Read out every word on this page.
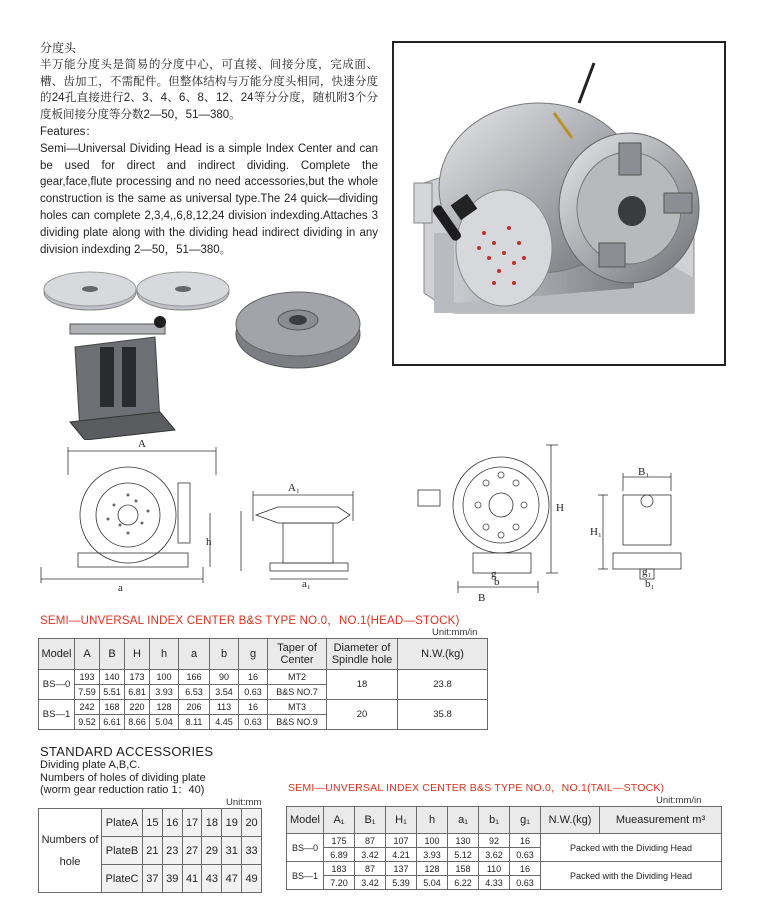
分度头

半万能分度头是简易的分度中心，可直接、间接分度，完成面、槽、齿加工，不需配件。但整体结构与万能分度头相同，快速分度的24孔直接进行2、3、4、6、8、12、24等分分度，随机附3个分度板间接分度等分数2—50，51—380。

Features：

Semi—Universal Dividing Head is a simple Index Center and can be used for direct and indirect dividing. Complete the gear,face,flute processing and no need accessories,but the whole construction is the same as universal type.The 24 quick—dividing holes can complete 2,3,4,,6,8,12,24 division indexding.Attaches 3 dividing plate along with the dividing head indirect dividing in any division indexding 2—50，51—380。

A
h
a
A₁
a₁
H
g
b
B
B₁
H₁
g₁
b₁
SEMI—UNVERSAL INDEX CENTER B&S TYPE NO.0，NO.1(HEAD—STOCK)
Unit:mm/in
Model	A	B	H	h	a	b	g	Taper of Center	Diameter of Spindle hole	N.W.(kg)
BS—0	193	140	173	100	166	90	16	MT2	18	23.8
	7.59	5.51	6.81	3.93	6.53	3.54	0.63	B&S NO.7		
BS—1	242	168	220	128	206	113	16	MT3	20	35.8
	9.52	6.61	8.66	5.04	8.11	4.45	0.63	B&S NO.9		
STANDARD ACCESSORIES
Dividing plate A,B,C.
Numbers of holes of dividing plate
(worm gear reduction ratio 1：40)
Unit:mm
Numbers of hole	PlateA	15	16	17	18	19	20
	PlateB	21	23	27	29	31	33
	PlateC	37	39	41	43	47	49
SEMI—UNVERSAL INDEX CENTER B&S TYPE NO.0，NO.1(TAIL—STOCK)
Unit:mm/in
Model	A₁	B₁	H₁	h	a₁	b₁	g₁	N.W.(kg)	Mueasurement m³
BS—0	175	87	107	100	130	92	16	Packed with the Dividing Head	
	6.89	3.42	4.21	3.93	5.12	3.62	0.63		
BS—1	183	87	137	128	158	110	16	Packed with the Dividing Head	
	7.20	3.42	5.39	5.04	6.22	4.33	0.63		
